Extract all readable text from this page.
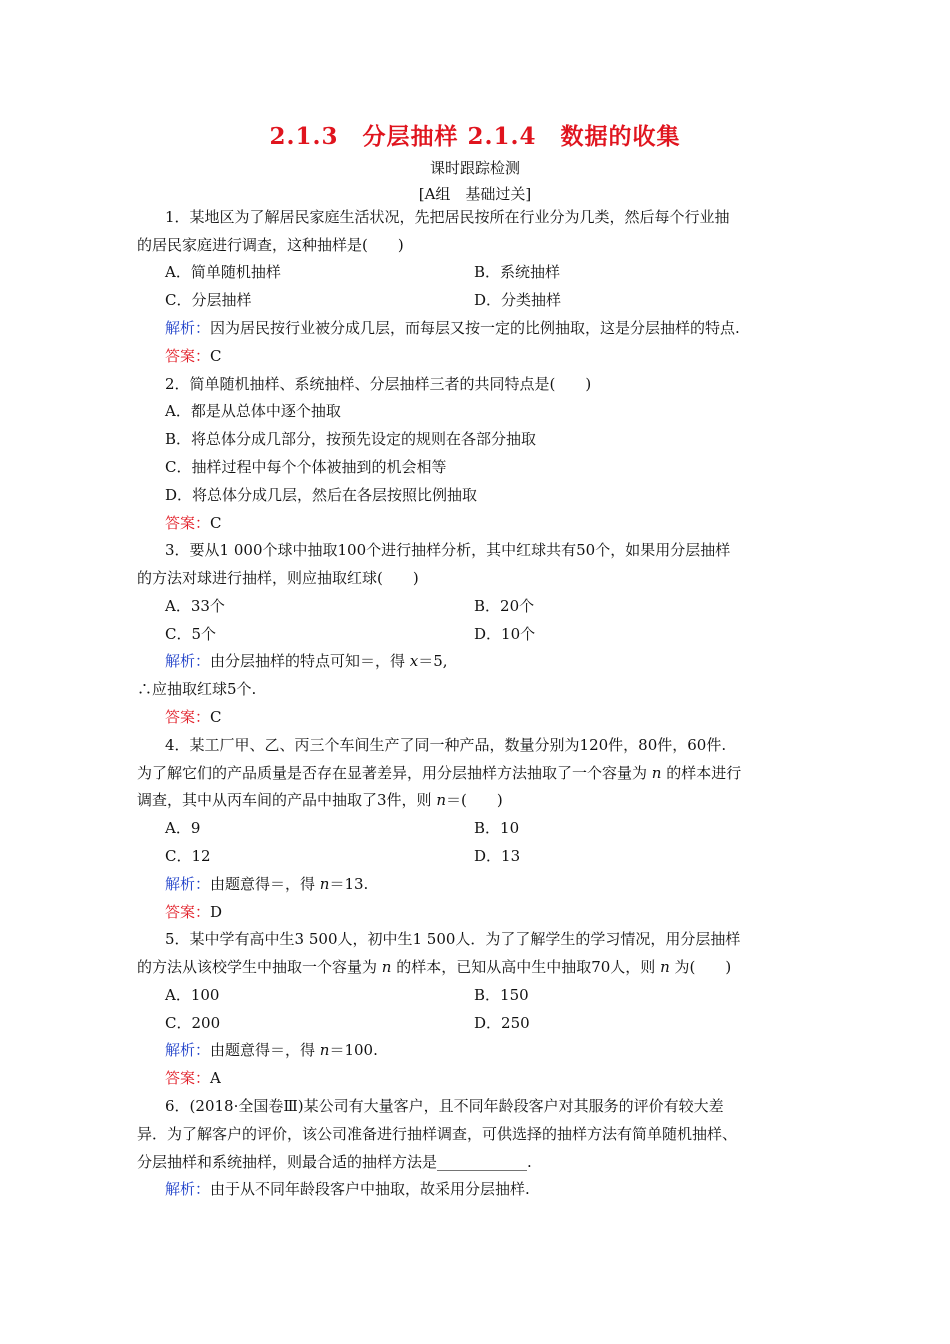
2.1.3　分层抽样 2.1.4　数据的收集
课时跟踪检测
[A组　基础过关]
1．某地区为了解居民家庭生活状况，先把居民按所在行业分为几类，然后每个行业抽
的居民家庭进行调查，这种抽样是(　　)
A．简单随机抽样	B．系统抽样
C．分层抽样	D．分类抽样
解析：因为居民按行业被分成几层，而每层又按一定的比例抽取，这是分层抽样的特点.
答案：C
2．简单随机抽样、系统抽样、分层抽样三者的共同特点是(　　)
A．都是从总体中逐个抽取
B．将总体分成几部分，按预先设定的规则在各部分抽取
C．抽样过程中每个个体被抽到的机会相等
D．将总体分成几层，然后在各层按照比例抽取
答案：C
3．要从1 000个球中抽取100个进行抽样分析，其中红球共有50个，如果用分层抽样
的方法对球进行抽样，则应抽取红球(　　)
A．33个	B．20个
C．5个	D．10个
解析：由分层抽样的特点可知＝，得 x＝5,
∴应抽取红球5个.
答案：C
4．某工厂甲、乙、丙三个车间生产了同一种产品，数量分别为120件，80件，60件.
为了解它们的产品质量是否存在显著差异，用分层抽样方法抽取了一个容量为 n 的样本进行
调查，其中从丙车间的产品中抽取了3件，则 n＝(　　)
A．9	B．10
C．12	D．13
解析：由题意得＝，得 n＝13.
答案：D
5．某中学有高中生3 500人，初中生1 500人．为了了解学生的学习情况，用分层抽样
的方法从该校学生中抽取一个容量为 n 的样本，已知从高中生中抽取70人，则 n 为(　　)
A．100	B．150
C．200	D．250
解析：由题意得＝，得 n＝100.
答案：A
6．(2018·全国卷Ⅲ)某公司有大量客户，且不同年龄段客户对其服务的评价有较大差
异．为了解客户的评价，该公司准备进行抽样调查，可供选择的抽样方法有简单随机抽样、
分层抽样和系统抽样，则最合适的抽样方法是____________.
解析：由于从不同年龄段客户中抽取，故采用分层抽样.
